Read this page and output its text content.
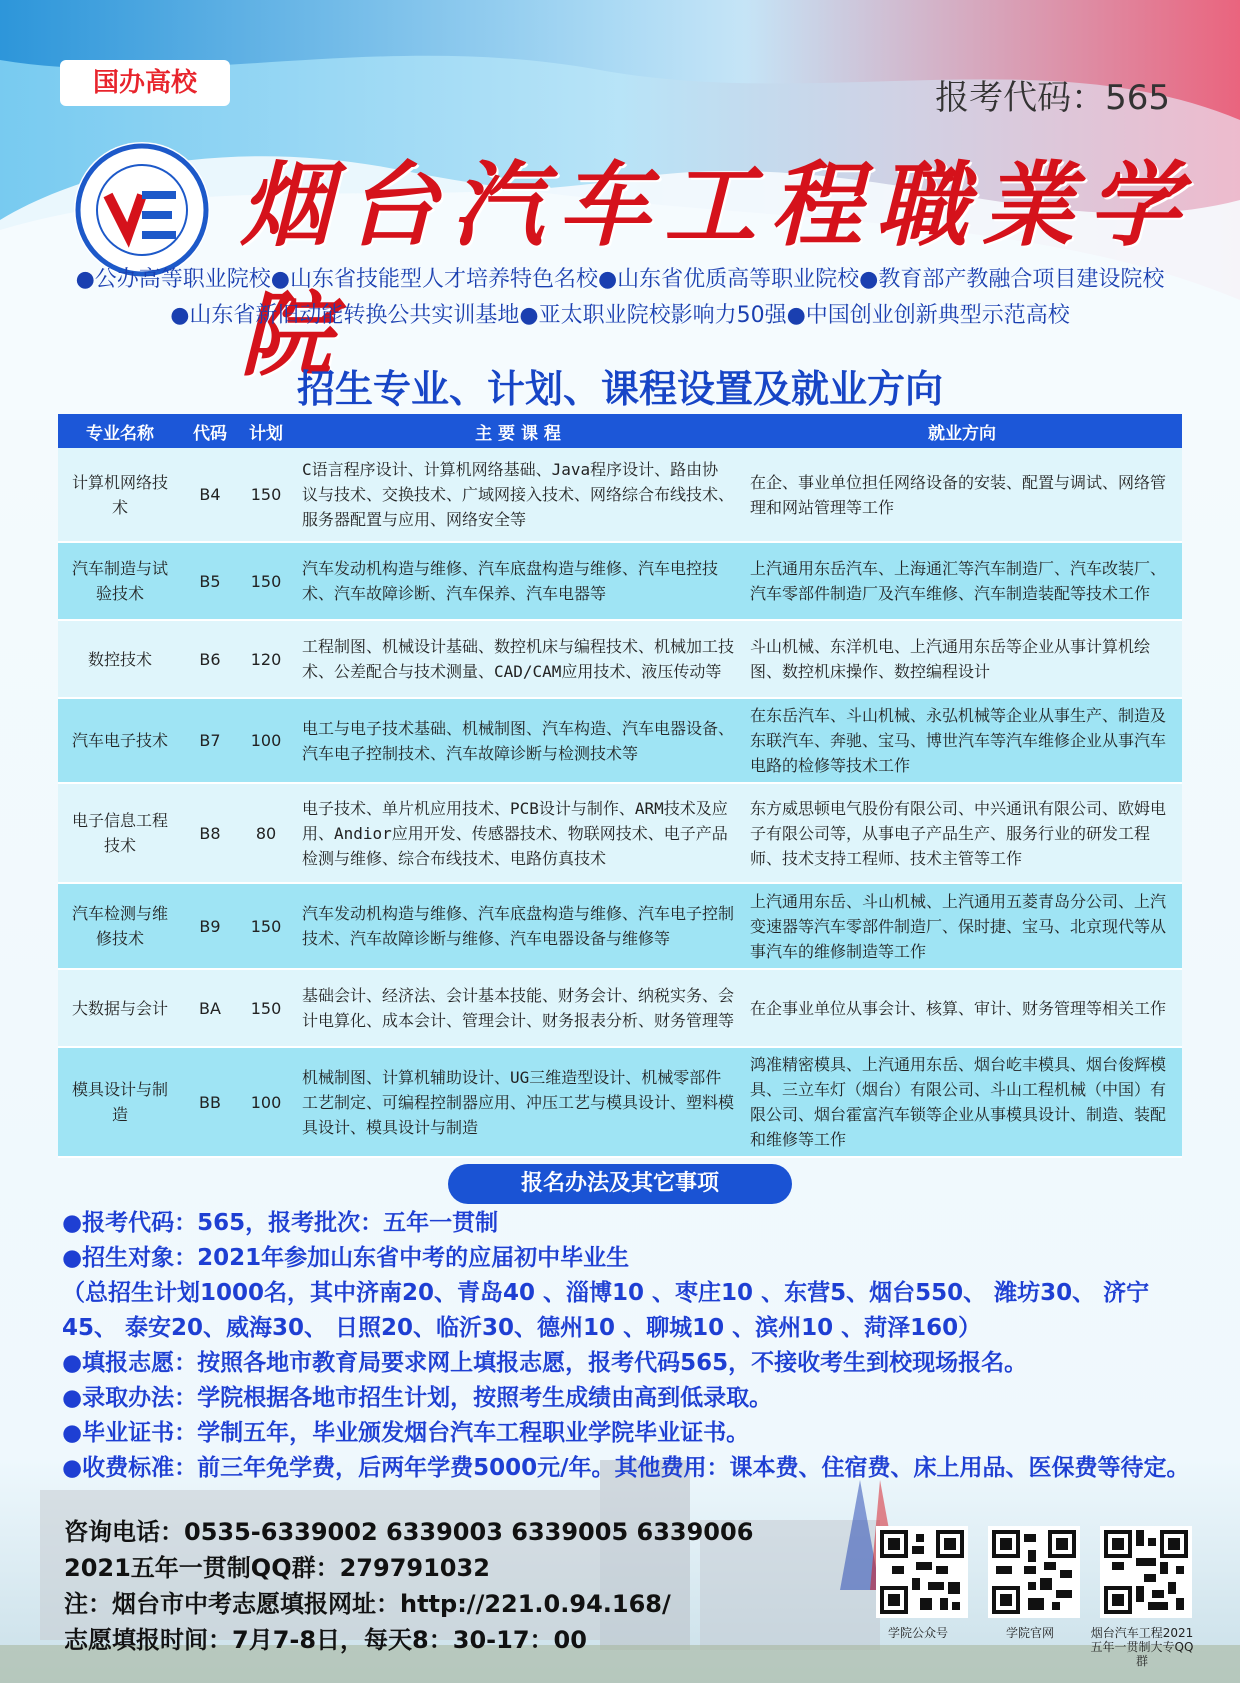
国办高校	报考代码：565
烟台汽车工程職業学院
●公办高等职业院校●山东省技能型人才培养特色名校●山东省优质高等职业院校●教育部产教融合项目建设院校
●山东省新旧动能转换公共实训基地●亚太职业院校影响力50强●中国创业创新典型示范高校
招生专业、计划、课程设置及就业方向
专业名称	代码	计划	主 要 课 程	就业方向
计算机网络技术	B4	150	C语言程序设计、计算机网络基础、Java程序设计、路由协议与技术、交换技术、广域网接入技术、网络综合布线技术、服务器配置与应用、网络安全等	在企、事业单位担任网络设备的安装、配置与调试、网络管理和网站管理等工作
汽车制造与试验技术	B5	150	汽车发动机构造与维修、汽车底盘构造与维修、汽车电控技术、汽车故障诊断、汽车保养、汽车电器等	上汽通用东岳汽车、上海通汇等汽车制造厂、汽车改装厂、汽车零部件制造厂及汽车维修、汽车制造装配等技术工作
数控技术	B6	120	工程制图、机械设计基础、数控机床与编程技术、机械加工技术、公差配合与技术测量、CAD/CAM应用技术、液压传动等	斗山机械、东洋机电、上汽通用东岳等企业从事计算机绘图、数控机床操作、数控编程设计
汽车电子技术	B7	100	电工与电子技术基础、机械制图、汽车构造、汽车电器设备、汽车电子控制技术、汽车故障诊断与检测技术等	在东岳汽车、斗山机械、永弘机械等企业从事生产、制造及东联汽车、奔驰、宝马、博世汽车等汽车维修企业从事汽车电路的检修等技术工作
电子信息工程技术	B8	80	电子技术、单片机应用技术、PCB设计与制作、ARM技术及应用、Andior应用开发、传感器技术、物联网技术、电子产品检测与维修、综合布线技术、电路仿真技术	东方威思顿电气股份有限公司、中兴通讯有限公司、欧姆电子有限公司等，从事电子产品生产、服务行业的研发工程师、技术支持工程师、技术主管等工作
汽车检测与维修技术	B9	150	汽车发动机构造与维修、汽车底盘构造与维修、汽车电子控制技术、汽车故障诊断与维修、汽车电器设备与维修等	上汽通用东岳、斗山机械、上汽通用五菱青岛分公司、上汽变速器等汽车零部件制造厂、保时捷、宝马、北京现代等从事汽车的维修制造等工作
大数据与会计	BA	150	基础会计、经济法、会计基本技能、财务会计、纳税实务、会计电算化、成本会计、管理会计、财务报表分析、财务管理等	在企事业单位从事会计、核算、审计、财务管理等相关工作
模具设计与制造	BB	100	机械制图、计算机辅助设计、UG三维造型设计、机械零部件工艺制定、可编程控制器应用、冲压工艺与模具设计、塑料模具设计、模具设计与制造	鸿准精密模具、上汽通用东岳、烟台屹丰模具、烟台俊辉模具、三立车灯（烟台）有限公司、斗山工程机械（中国）有限公司、烟台霍富汽车锁等企业从事模具设计、制造、装配和维修等工作
报名办法及其它事项

●报考代码：565，报考批次：五年一贯制

●招生对象：2021年参加山东省中考的应届初中毕业生

（总招生计划1000名，其中济南20、青岛40 、淄博10 、枣庄10 、东营5、烟台550、 潍坊30、 济宁45、 泰安20、威海30、 日照20、临沂30、德州10 、聊城10 、滨州10 、菏泽160）

●填报志愿：按照各地市教育局要求网上填报志愿，报考代码565，不接收考生到校现场报名。

●录取办法：学院根据各地市招生计划，按照考生成绩由高到低录取。

●毕业证书：学制五年，毕业颁发烟台汽车工程职业学院毕业证书。

●收费标准：前三年免学费，后两年学费5000元/年。其他费用：课本费、住宿费、床上用品、医保费等待定。

咨询电话：0535-6339002 6339003 6339005 6339006
2021五年一贯制QQ群：279791032
注：烟台市中考志愿填报网址：http://221.0.94.168/
志愿填报时间：7月7-8日，每天8：30-17：00	学院公众号	学院官网	烟台汽车工程2021五年一贯制大专QQ群
